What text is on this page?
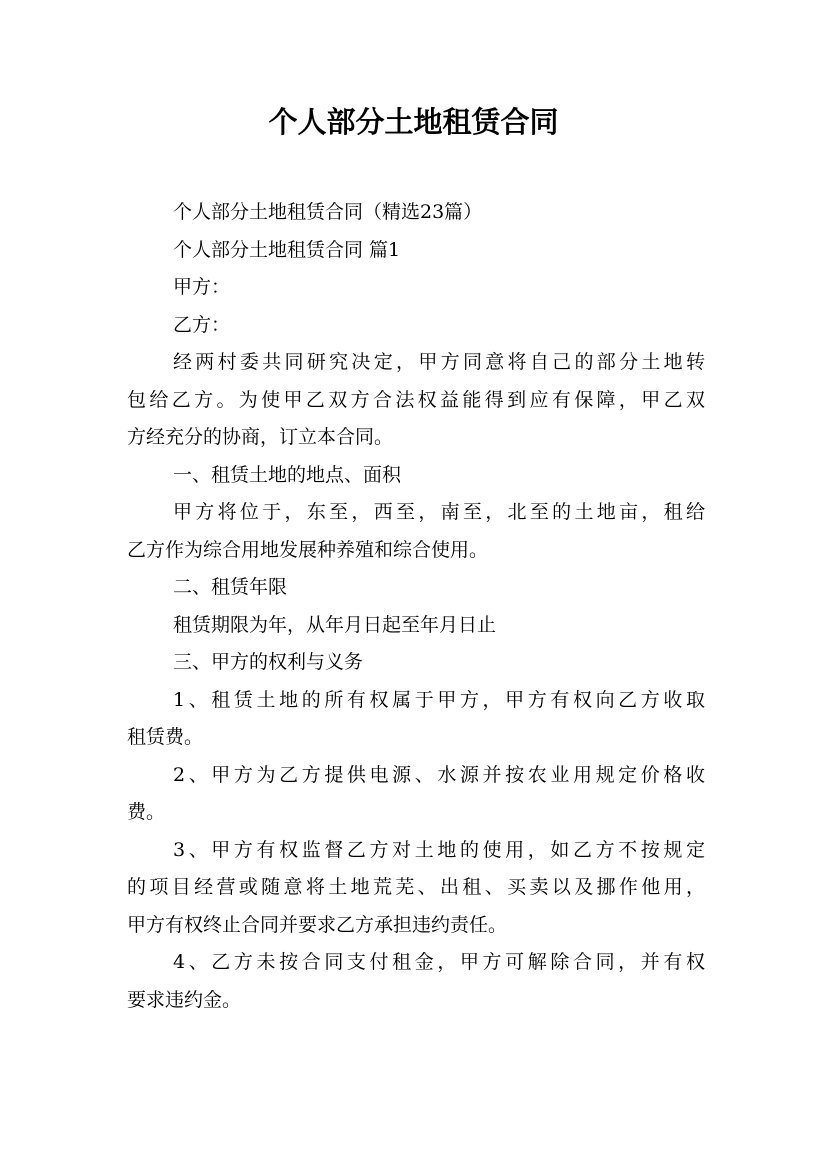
个人部分土地租赁合同
个人部分土地租赁合同（精选23篇）
个人部分土地租赁合同 篇1
甲方：
乙方：
经两村委共同研究决定，甲方同意将自己的部分土地转
包给乙方。为使甲乙双方合法权益能得到应有保障，甲乙双
方经充分的协商，订立本合同。
一、租赁土地的地点、面积
甲方将位于，东至，西至，南至，北至的土地亩，租给
乙方作为综合用地发展种养殖和综合使用。
二、租赁年限
租赁期限为年，从年月日起至年月日止
三、甲方的权利与义务
1、租赁土地的所有权属于甲方，甲方有权向乙方收取
租赁费。
2、甲方为乙方提供电源、水源并按农业用规定价格收
费。
3、甲方有权监督乙方对土地的使用，如乙方不按规定
的项目经营或随意将土地荒芜、出租、买卖以及挪作他用，
甲方有权终止合同并要求乙方承担违约责任。
4、乙方未按合同支付租金，甲方可解除合同，并有权
要求违约金。
